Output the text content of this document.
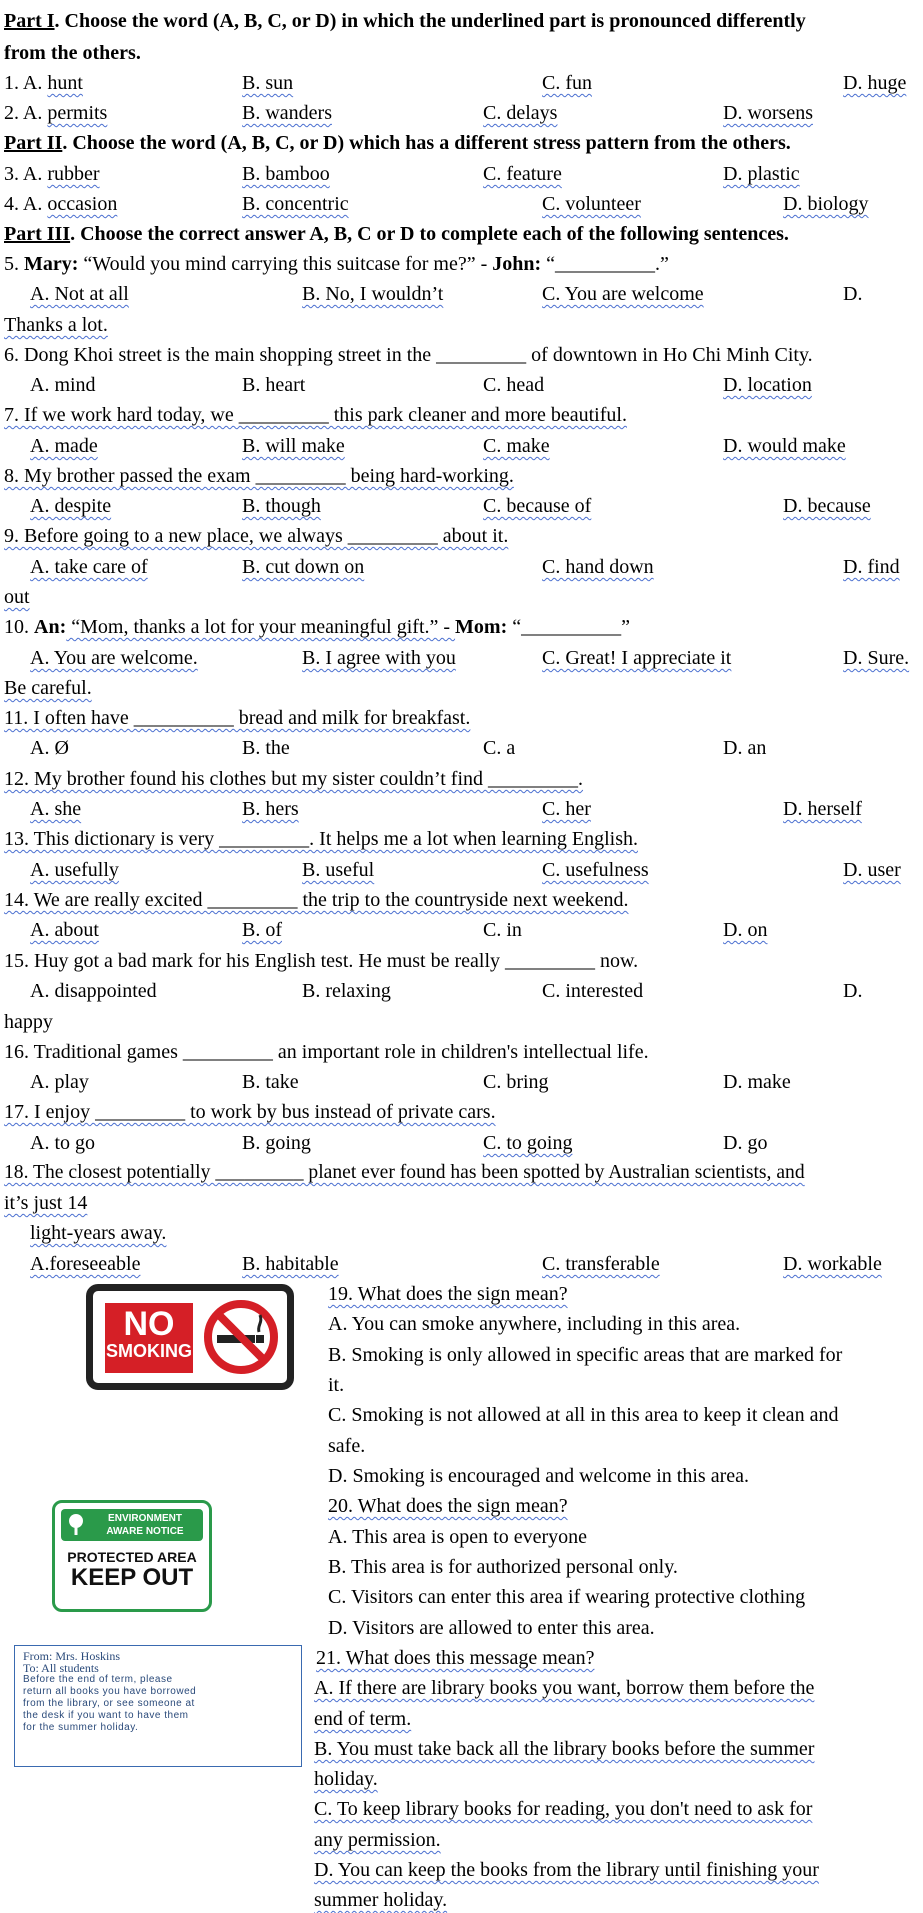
Part I. Choose the word (A, B, C, or D) in which the underlined part is pronounced differently
from the others.
1. A. hunt	B. sun	C. fun	D. huge
2. A. permits	B. wanders	C. delays	D. worsens
Part II. Choose the word (A, B, C, or D) which has a different stress pattern from the others.
3. A. rubber	B. bamboo	C. feature	D. plastic
4. A. occasion	B. concentric	C. volunteer	D. biology
Part III. Choose the correct answer A, B, C or D to complete each of the following sentences.
5. Mary: “Would you mind carrying this suitcase for me?” - John: “__________.”
A. Not at all	B. No, I wouldn’t	C. You are welcome	D.
Thanks a lot.
6. Dong Khoi street is the main shopping street in the _________ of downtown in Ho Chi Minh City.
A. mind	B. heart	C. head	D. location
7. If we work hard today, we _________ this park cleaner and more beautiful.
A. made	B. will make	C. make	D. would make
8. My brother passed the exam _________ being hard-working.
A. despite	B. though	C. because of	D. because
9. Before going to a new place, we always _________ about it.
A. take care of	B. cut down on	C. hand down	D. find
out
10. An: “Mom, thanks a lot for your meaningful gift.” - Mom: “__________”
A. You are welcome.	B. I agree with you	C. Great! I appreciate it	D. Sure.
Be careful.
11. I often have __________ bread and milk for breakfast.
A. Ø	B. the	C. a	D. an
12. My brother found his clothes but my sister couldn’t find _________.
A. she	B. hers	C. her	D. herself
13. This dictionary is very _________. It helps me a lot when learning English.
A. usefully	B. useful	C. usefulness	D. user
14. We are really excited _________ the trip to the countryside next weekend.
A. about	B. of	C. in	D. on
15. Huy got a bad mark for his English test. He must be really _________ now.
A. disappointed	B. relaxing	C. interested	D.
happy
16. Traditional games _________ an important role in children's intellectual life.
A. play	B. take	C. bring	D. make
17. I enjoy _________ to work by bus instead of private cars.
A. to go	B. going	C. to going	D. go
18. The closest potentially _________ planet ever found has been spotted by Australian scientists, and
it’s just 14
light-years away.
A.foreseeable	B. habitable	C. transferable	D. workable
NO
SMOKING
19. What does the sign mean?
A. You can smoke anywhere, including in this area.
B. Smoking is only allowed in specific areas that are marked for
it.
C. Smoking is not allowed at all in this area to keep it clean and
safe.
D. Smoking is encouraged and welcome in this area.
ENVIRONMENT
AWARE NOTICE
PROTECTED AREA
KEEP OUT
20. What does the sign mean?
A. This area is open to everyone
B. This area is for authorized personal only.
C. Visitors can enter this area if wearing protective clothing
D. Visitors are allowed to enter this area.
From: Mrs. Hoskins
To: All students
Before the end of term, please
return all books you have borrowed
from the library, or see someone at
the desk if you want to have them
for the summer holiday.
21. What does this message mean?
A. If there are library books you want, borrow them before the
end of term.
B. You must take back all the library books before the summer
holiday.
C. To keep library books for reading, you don't need to ask for
any permission.
D. You can keep the books from the library until finishing your
summer holiday.
